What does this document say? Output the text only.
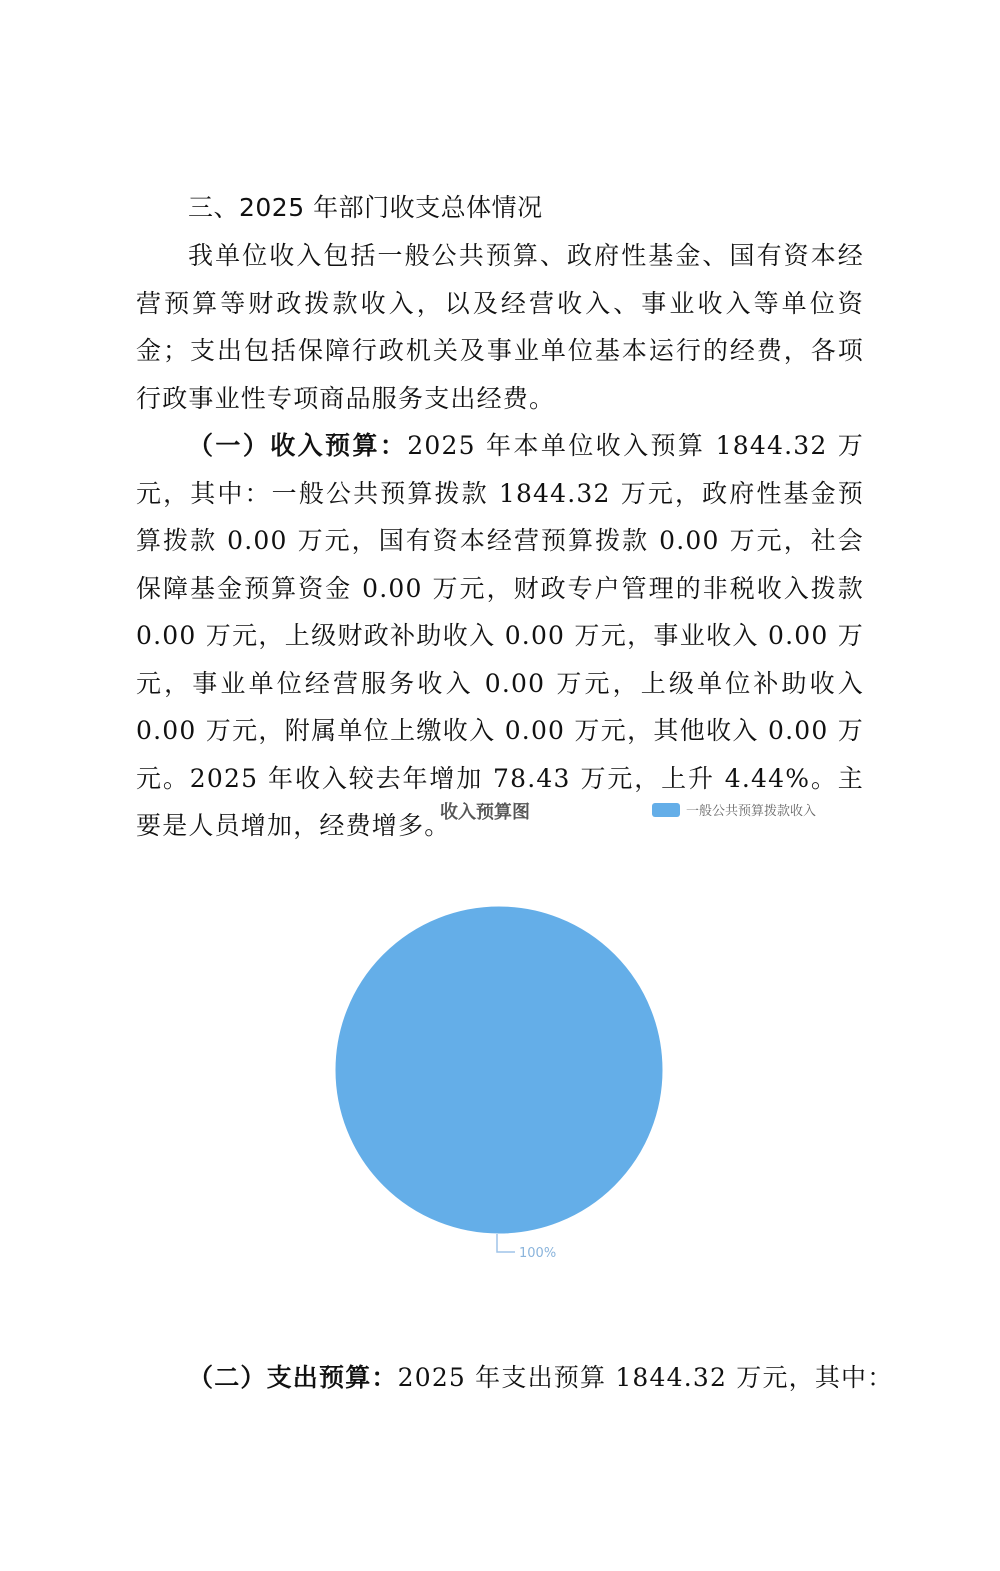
三、2025 年部门收支总体情况
我单位收入包括一般公共预算、政府性基金、国有资本经营预算等财政拨款收入，以及经营收入、事业收入等单位资金；支出包括保障行政机关及事业单位基本运行的经费，各项行政事业性专项商品服务支出经费。
（一）收入预算：2025 年本单位收入预算 1844.32 万元，其中：一般公共预算拨款 1844.32 万元，政府性基金预算拨款 0.00 万元，国有资本经营预算拨款 0.00 万元，社会保障基金预算资金 0.00 万元，财政专户管理的非税收入拨款 0.00 万元，上级财政补助收入 0.00 万元，事业收入 0.00 万元，事业单位经营服务收入 0.00 万元，上级单位补助收入 0.00 万元，附属单位上缴收入 0.00 万元，其他收入 0.00 万元。2025 年收入较去年增加 78.43 万元，上升 4.44%。主要是人员增加，经费增多。
收入预算图	一般公共预算拨款收入
100%
（二）支出预算：2025 年支出预算 1844.32 万元，其中：
